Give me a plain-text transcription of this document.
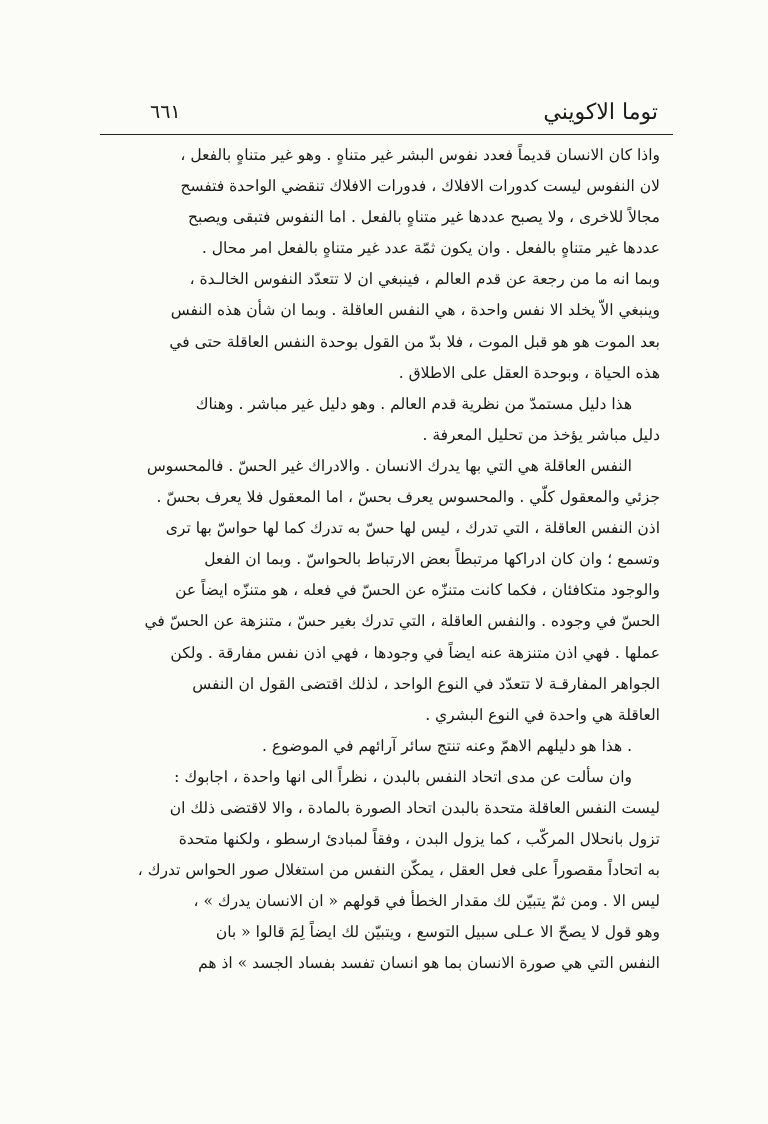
توما الاكويني
٦٦١
واذا كان الانسان قديماً فعدد نفوس البشر غير متناهٍ . وهو غير متناهٍ بالفعل ،
لان النفوس ليست كدورات الافلاك ، فدورات الافلاك تنقضي الواحدة فتفسح
مجالاً للاخرى ، ولا يصبح عددها غير متناهٍ بالفعل . اما النفوس فتبقى ويصبح
عددها غير متناهٍ بالفعل . وان يكون ثمّة عدد غير متناهٍ بالفعل امر محال .
وبما انه ما من رجعة عن قدم العالم ، فينبغي ان لا تتعدّد النفوس الخالـدة ،
وينبغي الاّ يخلد الا نفس واحدة ، هي النفس العاقلة . وبما ان شأن هذه النفس
بعد الموت هو هو قبل الموت ، فلا بدّ من القول بوحدة النفس العاقلة حتى في
هذه الحياة ، وبوحدة العقل على الاطلاق .
هذا دليل مستمدّ من نظرية قدم العالم . وهو دليل غير مباشر . وهناك
دليل مباشر يؤخذ من تحليل المعرفة .
النفس العاقلة هي التي بها يدرك الانسان . والادراك غير الحسّ . فالمحسوس
جزئي والمعقول كلّي . والمحسوس يعرف بحسّ ، اما المعقول فلا يعرف بحسّ .
اذن النفس العاقلة ، التي تدرك ، ليس لها حسّ به تدرك كما لها حواسّ بها ترى
وتسمع ؛ وان كان ادراكها مرتبطاً بعض الارتباط بالحواسّ . وبما ان الفعل
والوجود متكافئان ، فكما كانت متنزّه عن الحسّ في فعله ، هو متنزّه ايضاً عن
الحسّ في وجوده . والنفس العاقلة ، التي تدرك بغير حسّ ، متنزهة عن الحسّ في
عملها . فهي اذن متنزهة عنه ايضاً في وجودها ، فهي اذن نفس مفارقة . ولكن
الجواهر المفارقـة لا تتعدّد في النوع الواحد ، لذلك اقتضى القول ان النفس
العاقلة هي واحدة في النوع البشري .
. هذا هو دليلهم الاهمّ وعنه تنتج سائر آرائهم في الموضوع .
وان سألت عن مدى اتحاد النفس بالبدن ، نظراً الى انها واحدة ، اجابوك :
ليست النفس العاقلة متحدة بالبدن اتحاد الصورة بالمادة ، والا لاقتضى ذلك ان
تزول بانحلال المركّب ، كما يزول البدن ، وفقاً لمبادئ ارسطو ، ولكنها متحدة
به اتحاداً مقصوراً على فعل العقل ، يمكّن النفس من استغلال صور الحواس تدرك ،
ليس الا . ومن ثمّ يتبيّن لك مقدار الخطأ في قولهم « ان الانسان يدرك » ،
وهو قول لا يصحّ الا عـلى سبيل التوسع ، ويتبيّن لك ايضاً لِمَ قالوا « بان
النفس التي هي صورة الانسان بما هو انسان تفسد بفساد الجسد » اذ هم
